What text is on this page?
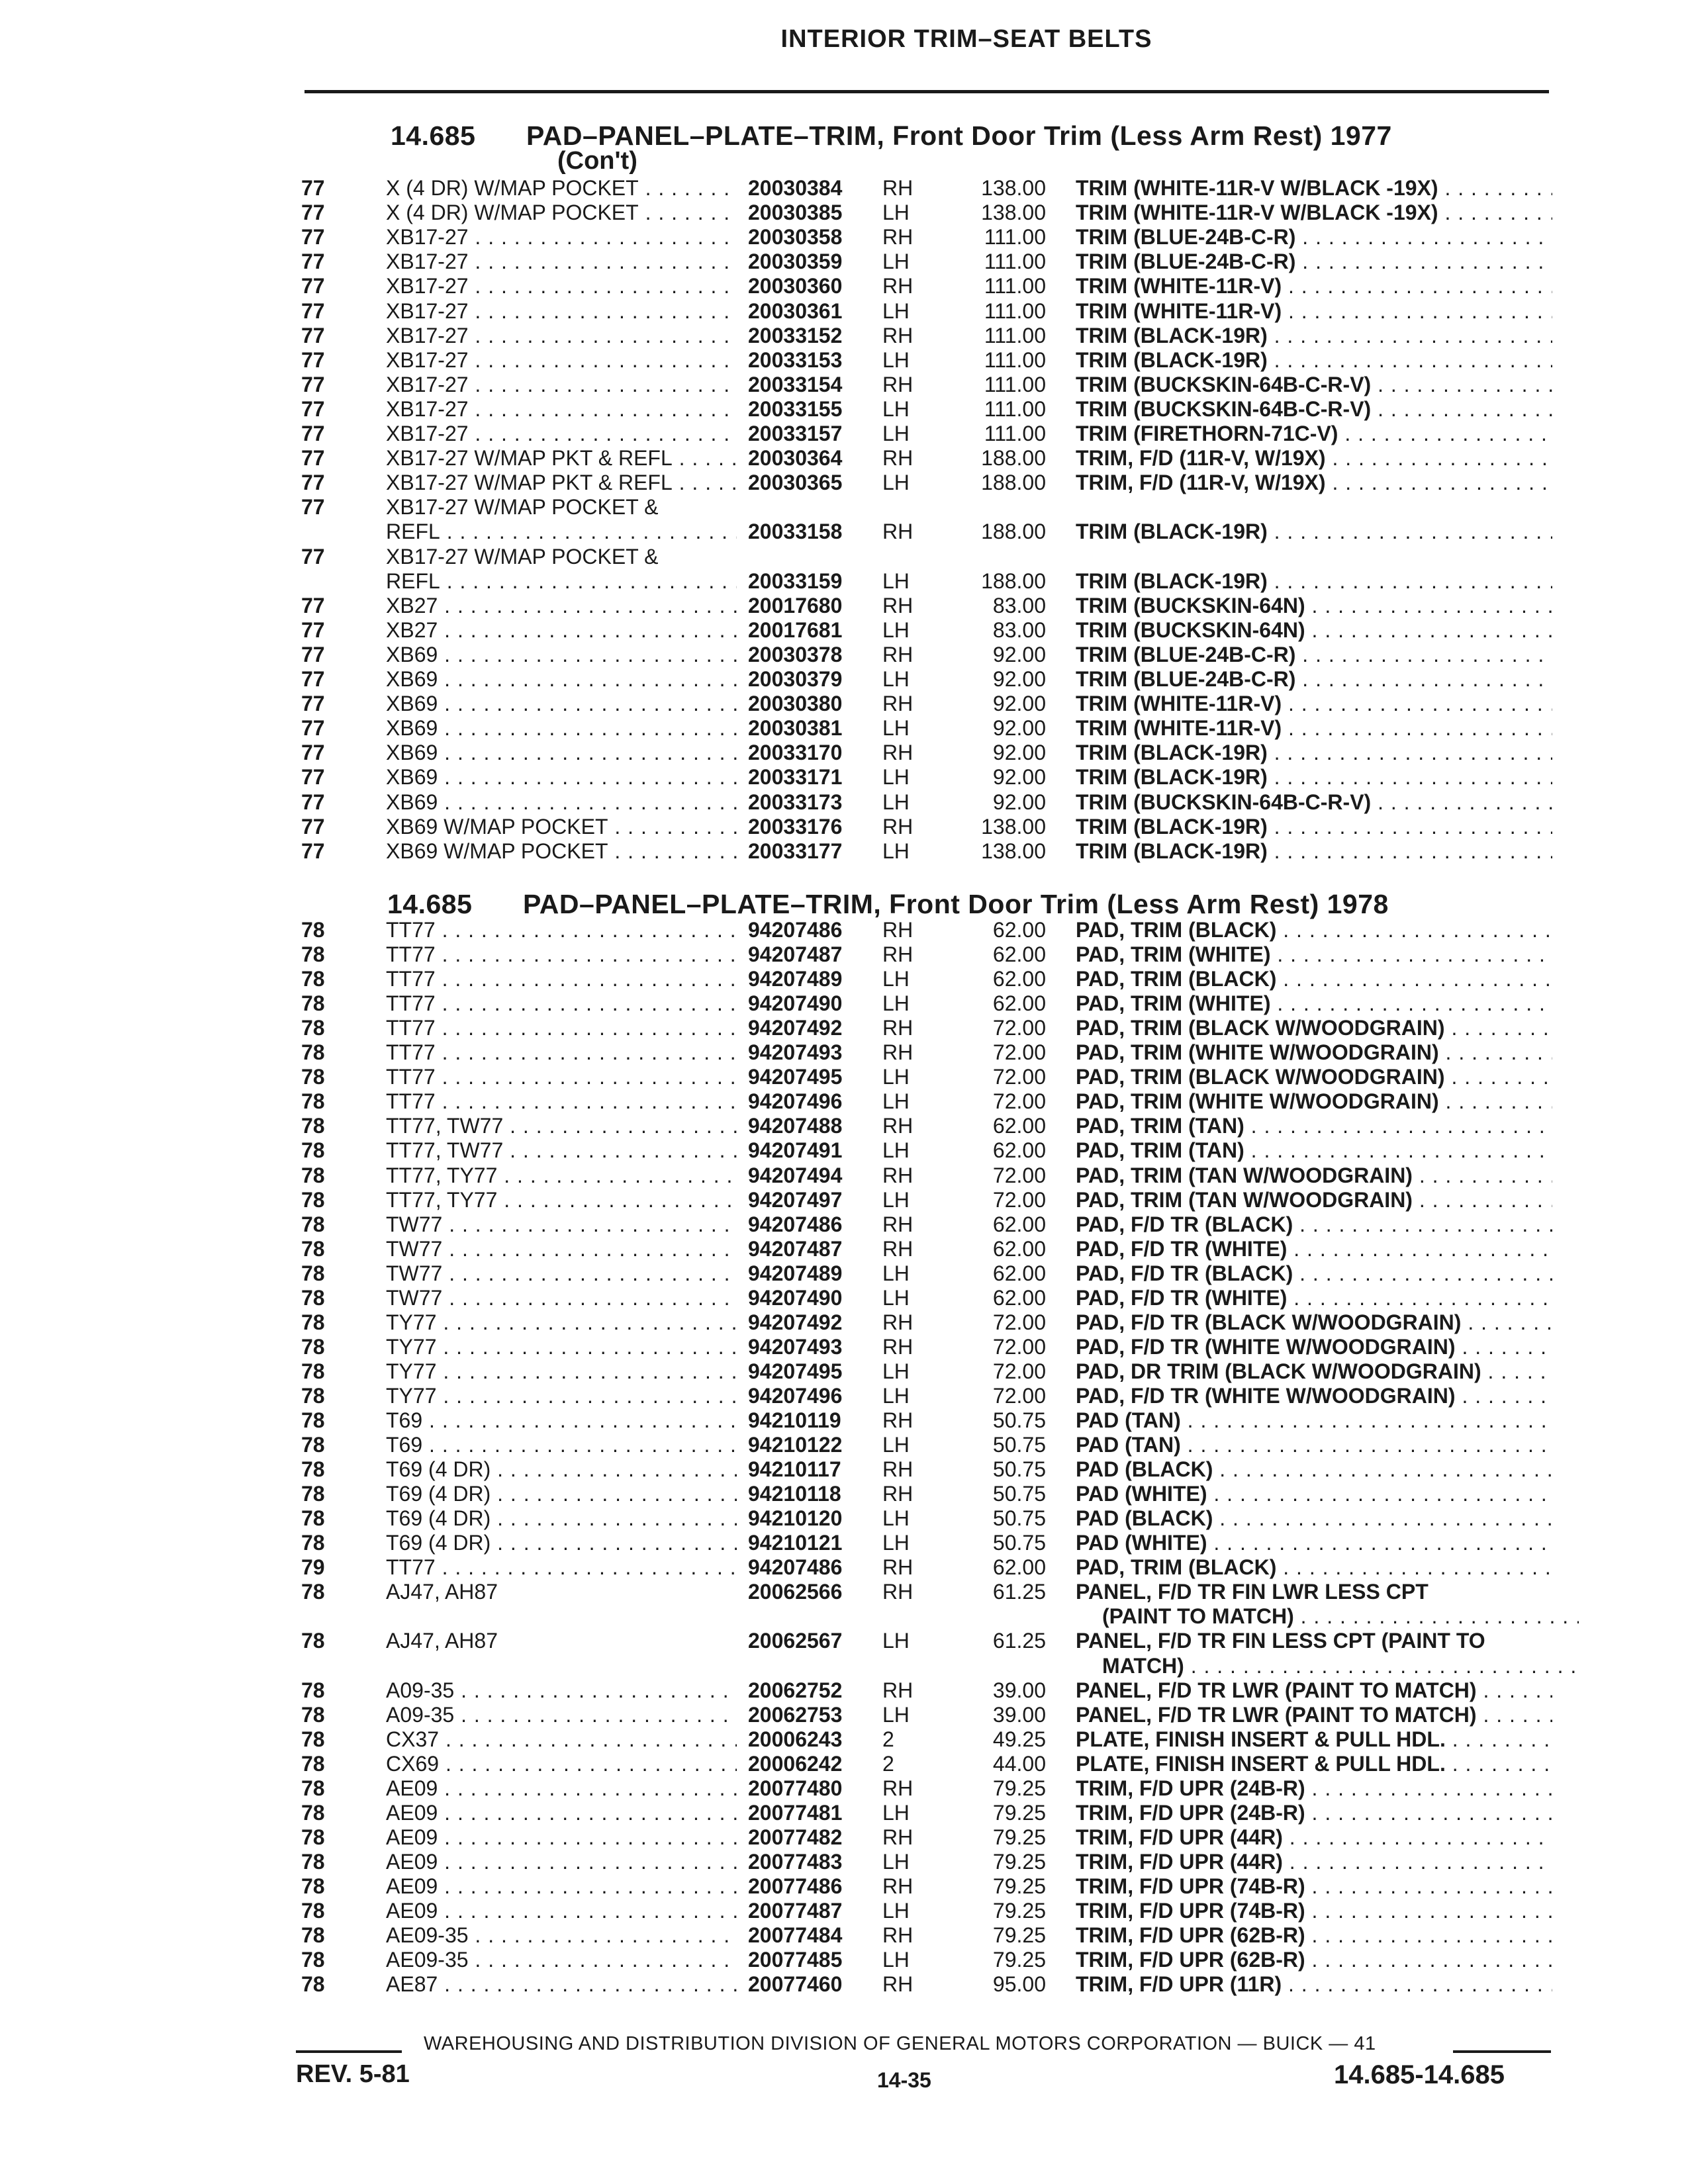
INTERIOR TRIM–SEAT BELTS
14.685 PAD–PANEL–PLATE–TRIM, Front Door Trim (Less Arm Rest) 1977
(Con't)
77	X (4 DR) W/MAP POCKET . . .	20030384 RH	138.00 TRIM (WHITE-11R-V W/BLACK -19X) . . .
77	X (4 DR) W/MAP POCKET . . .	20030385 LH	138.00 TRIM (WHITE-11R-V W/BLACK -19X) . . .
77	XB17-27 . . .	20030358 RH	111.00 TRIM (BLUE-24B-C-R) . . .
77	XB17-27 . . .	20030359 LH	111.00 TRIM (BLUE-24B-C-R) . . .
77	XB17-27 . . .	20030360 RH	111.00 TRIM (WHITE-11R-V) . . .
77	XB17-27 . . .	20030361 LH	111.00 TRIM (WHITE-11R-V) . . .
77	XB17-27 . . .	20033152 RH	111.00 TRIM (BLACK-19R) . . .
77	XB17-27 . . .	20033153 LH	111.00 TRIM (BLACK-19R) . . .
77	XB17-27 . . .	20033154 RH	111.00 TRIM (BUCKSKIN-64B-C-R-V) . . .
77	XB17-27 . . .	20033155 LH	111.00 TRIM (BUCKSKIN-64B-C-R-V) . . .
77	XB17-27 . . .	20033157 LH	111.00 TRIM (FIRETHORN-71C-V) . . .
77	XB17-27 W/MAP PKT & REFL . . .	20030364 RH	188.00 TRIM, F/D (11R-V, W/19X) . . .
77	XB17-27 W/MAP PKT & REFL . . .	20030365 LH	188.00 TRIM, F/D (11R-V, W/19X) . . .
77	XB17-27 W/MAP POCKET &
REFL . . .	20033158 RH	188.00 TRIM (BLACK-19R) . . .
77	XB17-27 W/MAP POCKET &
REFL . . .	20033159 LH	188.00 TRIM (BLACK-19R) . . .
77	XB27 . . .	20017680 RH	83.00 TRIM (BUCKSKIN-64N) . . .
77	XB27 . . .	20017681 LH	83.00 TRIM (BUCKSKIN-64N) . . .
77	XB69 . . .	20030378 RH	92.00 TRIM (BLUE-24B-C-R) . . .
77	XB69 . . .	20030379 LH	92.00 TRIM (BLUE-24B-C-R) . . .
77	XB69 . . .	20030380 RH	92.00 TRIM (WHITE-11R-V) . . .
77	XB69 . . .	20030381 LH	92.00 TRIM (WHITE-11R-V) . . .
77	XB69 . . .	20033170 RH	92.00 TRIM (BLACK-19R) . . .
77	XB69 . . .	20033171 LH	92.00 TRIM (BLACK-19R) . . .
77	XB69 . . .	20033173 LH	92.00 TRIM (BUCKSKIN-64B-C-R-V) . . .
77	XB69 W/MAP POCKET . . .	20033176 RH	138.00 TRIM (BLACK-19R) . . .
77	XB69 W/MAP POCKET . . .	20033177 LH	138.00 TRIM (BLACK-19R) . . .
14.685 PAD–PANEL–PLATE–TRIM, Front Door Trim (Less Arm Rest) 1978
78	TT77 . . .	94207486 RH	62.00 PAD, TRIM (BLACK) . . .
78	TT77 . . .	94207487 RH	62.00 PAD, TRIM (WHITE) . . .
78	TT77 . . .	94207489 LH	62.00 PAD, TRIM (BLACK) . . .
78	TT77 . . .	94207490 LH	62.00 PAD, TRIM (WHITE) . . .
78	TT77 . . .	94207492 RH	72.00 PAD, TRIM (BLACK W/WOODGRAIN) . . .
78	TT77 . . .	94207493 RH	72.00 PAD, TRIM (WHITE W/WOODGRAIN) . . .
78	TT77 . . .	94207495 LH	72.00 PAD, TRIM (BLACK W/WOODGRAIN) . . .
78	TT77 . . .	94207496 LH	72.00 PAD, TRIM (WHITE W/WOODGRAIN) . . .
78	TT77, TW77 . . .	94207488 RH	62.00 PAD, TRIM (TAN) . . .
78	TT77, TW77 . . .	94207491 LH	62.00 PAD, TRIM (TAN) . . .
78	TT77, TY77 . . .	94207494 RH	72.00 PAD, TRIM (TAN W/WOODGRAIN) . . .
78	TT77, TY77 . . .	94207497 LH	72.00 PAD, TRIM (TAN W/WOODGRAIN) . . .
78	TW77 . . .	94207486 RH	62.00 PAD, F/D TR (BLACK) . . .
78	TW77 . . .	94207487 RH	62.00 PAD, F/D TR (WHITE) . . .
78	TW77 . . .	94207489 LH	62.00 PAD, F/D TR (BLACK) . . .
78	TW77 . . .	94207490 LH	62.00 PAD, F/D TR (WHITE) . . .
78	TY77 . . .	94207492 RH	72.00 PAD, F/D TR (BLACK W/WOODGRAIN) . . .
78	TY77 . . .	94207493 RH	72.00 PAD, F/D TR (WHITE W/WOODGRAIN) . . .
78	TY77 . . .	94207495 LH	72.00 PAD, DR TRIM (BLACK W/WOODGRAIN) . . .
78	TY77 . . .	94207496 LH	72.00 PAD, F/D TR (WHITE W/WOODGRAIN) . . .
78	T69 . . .	94210119 RH	50.75 PAD (TAN) . . .
78	T69 . . .	94210122 LH	50.75 PAD (TAN) . . .
78	T69 (4 DR) . . .	94210117 RH	50.75 PAD (BLACK) . . .
78	T69 (4 DR) . . .	94210118 RH	50.75 PAD (WHITE) . . .
78	T69 (4 DR) . . .	94210120 LH	50.75 PAD (BLACK) . . .
78	T69 (4 DR) . . .	94210121 LH	50.75 PAD (WHITE) . . .
79	TT77 . . .	94207486 RH	62.00 PAD, TRIM (BLACK) . . .
78	AJ47, AH87	20062566 RH	61.25 PANEL, F/D TR FIN LWR LESS CPT
(PAINT TO MATCH) . . .
78	AJ47, AH87	20062567 LH	61.25 PANEL, F/D TR FIN LESS CPT (PAINT TO
MATCH) . . .
78	A09-35 . . .	20062752 RH	39.00 PANEL, F/D TR LWR (PAINT TO MATCH) . . .
78	A09-35 . . .	20062753 LH	39.00 PANEL, F/D TR LWR (PAINT TO MATCH) . . .
78	CX37 . . .	20006243 2	49.25 PLATE, FINISH INSERT & PULL HDL. . . .
78	CX69 . . .	20006242 2	44.00 PLATE, FINISH INSERT & PULL HDL. . . .
78	AE09 . . .	20077480 RH	79.25 TRIM, F/D UPR (24B-R) . . .
78	AE09 . . .	20077481 LH	79.25 TRIM, F/D UPR (24B-R) . . .
78	AE09 . . .	20077482 RH	79.25 TRIM, F/D UPR (44R) . . .
78	AE09 . . .	20077483 LH	79.25 TRIM, F/D UPR (44R) . . .
78	AE09 . . .	20077486 RH	79.25 TRIM, F/D UPR (74B-R) . . .
78	AE09 . . .	20077487 LH	79.25 TRIM, F/D UPR (74B-R) . . .
78	AE09-35 . . .	20077484 RH	79.25 TRIM, F/D UPR (62B-R) . . .
78	AE09-35 . . .	20077485 LH	79.25 TRIM, F/D UPR (62B-R) . . .
78	AE87 . . .	20077460 RH	95.00 TRIM, F/D UPR (11R) . . .
WAREHOUSING AND DISTRIBUTION DIVISION OF GENERAL MOTORS CORPORATION — BUICK — 41
REV. 5-81	14-35	14.685-14.685
